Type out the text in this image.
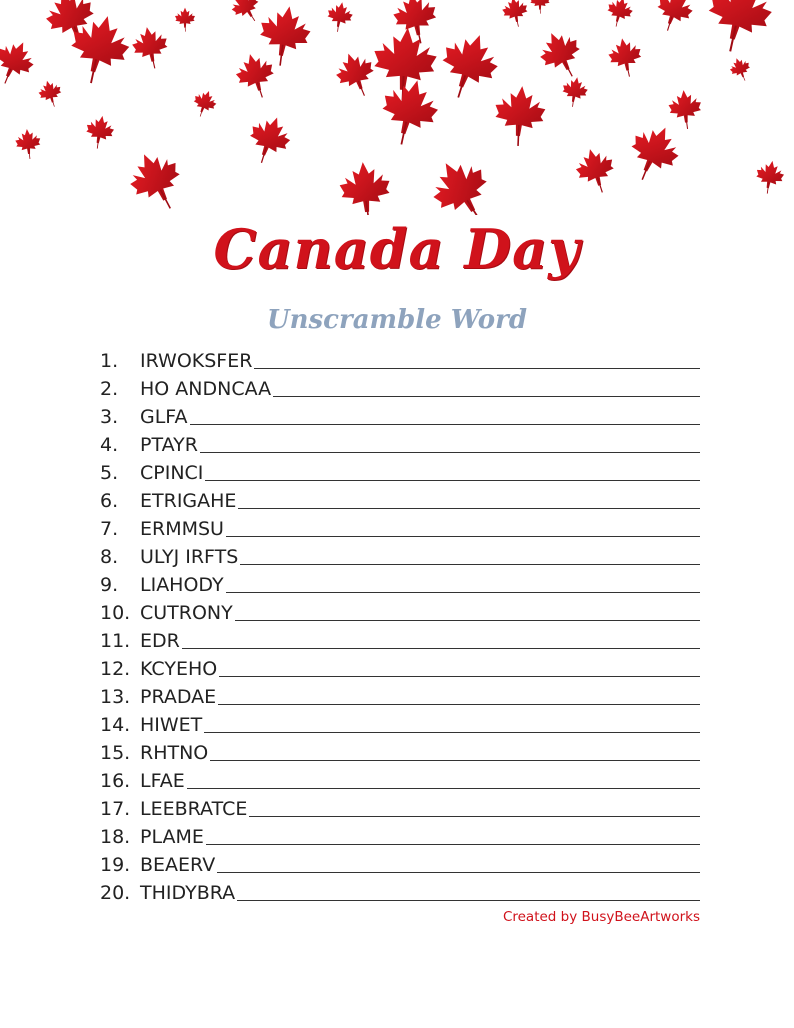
Canada Day
Unscramble Word
1.	IRWOKSFER
2.	HO ANDNCAA
3.	GLFA
4.	PTAYR
5.	CPINCI
6.	ETRIGAHE
7.	ERMMSU
8.	ULYJ IRFTS
9.	LIAHODY
10. CUTRONY
11. EDR
12. KCYEHO
13. PRADAE
14. HIWET
15. RHTNO
16. LFAE
17. LEEBRATCE
18. PLAME
19. BEAERV
20. THIDYBRA
Created by BusyBeeArtworks
